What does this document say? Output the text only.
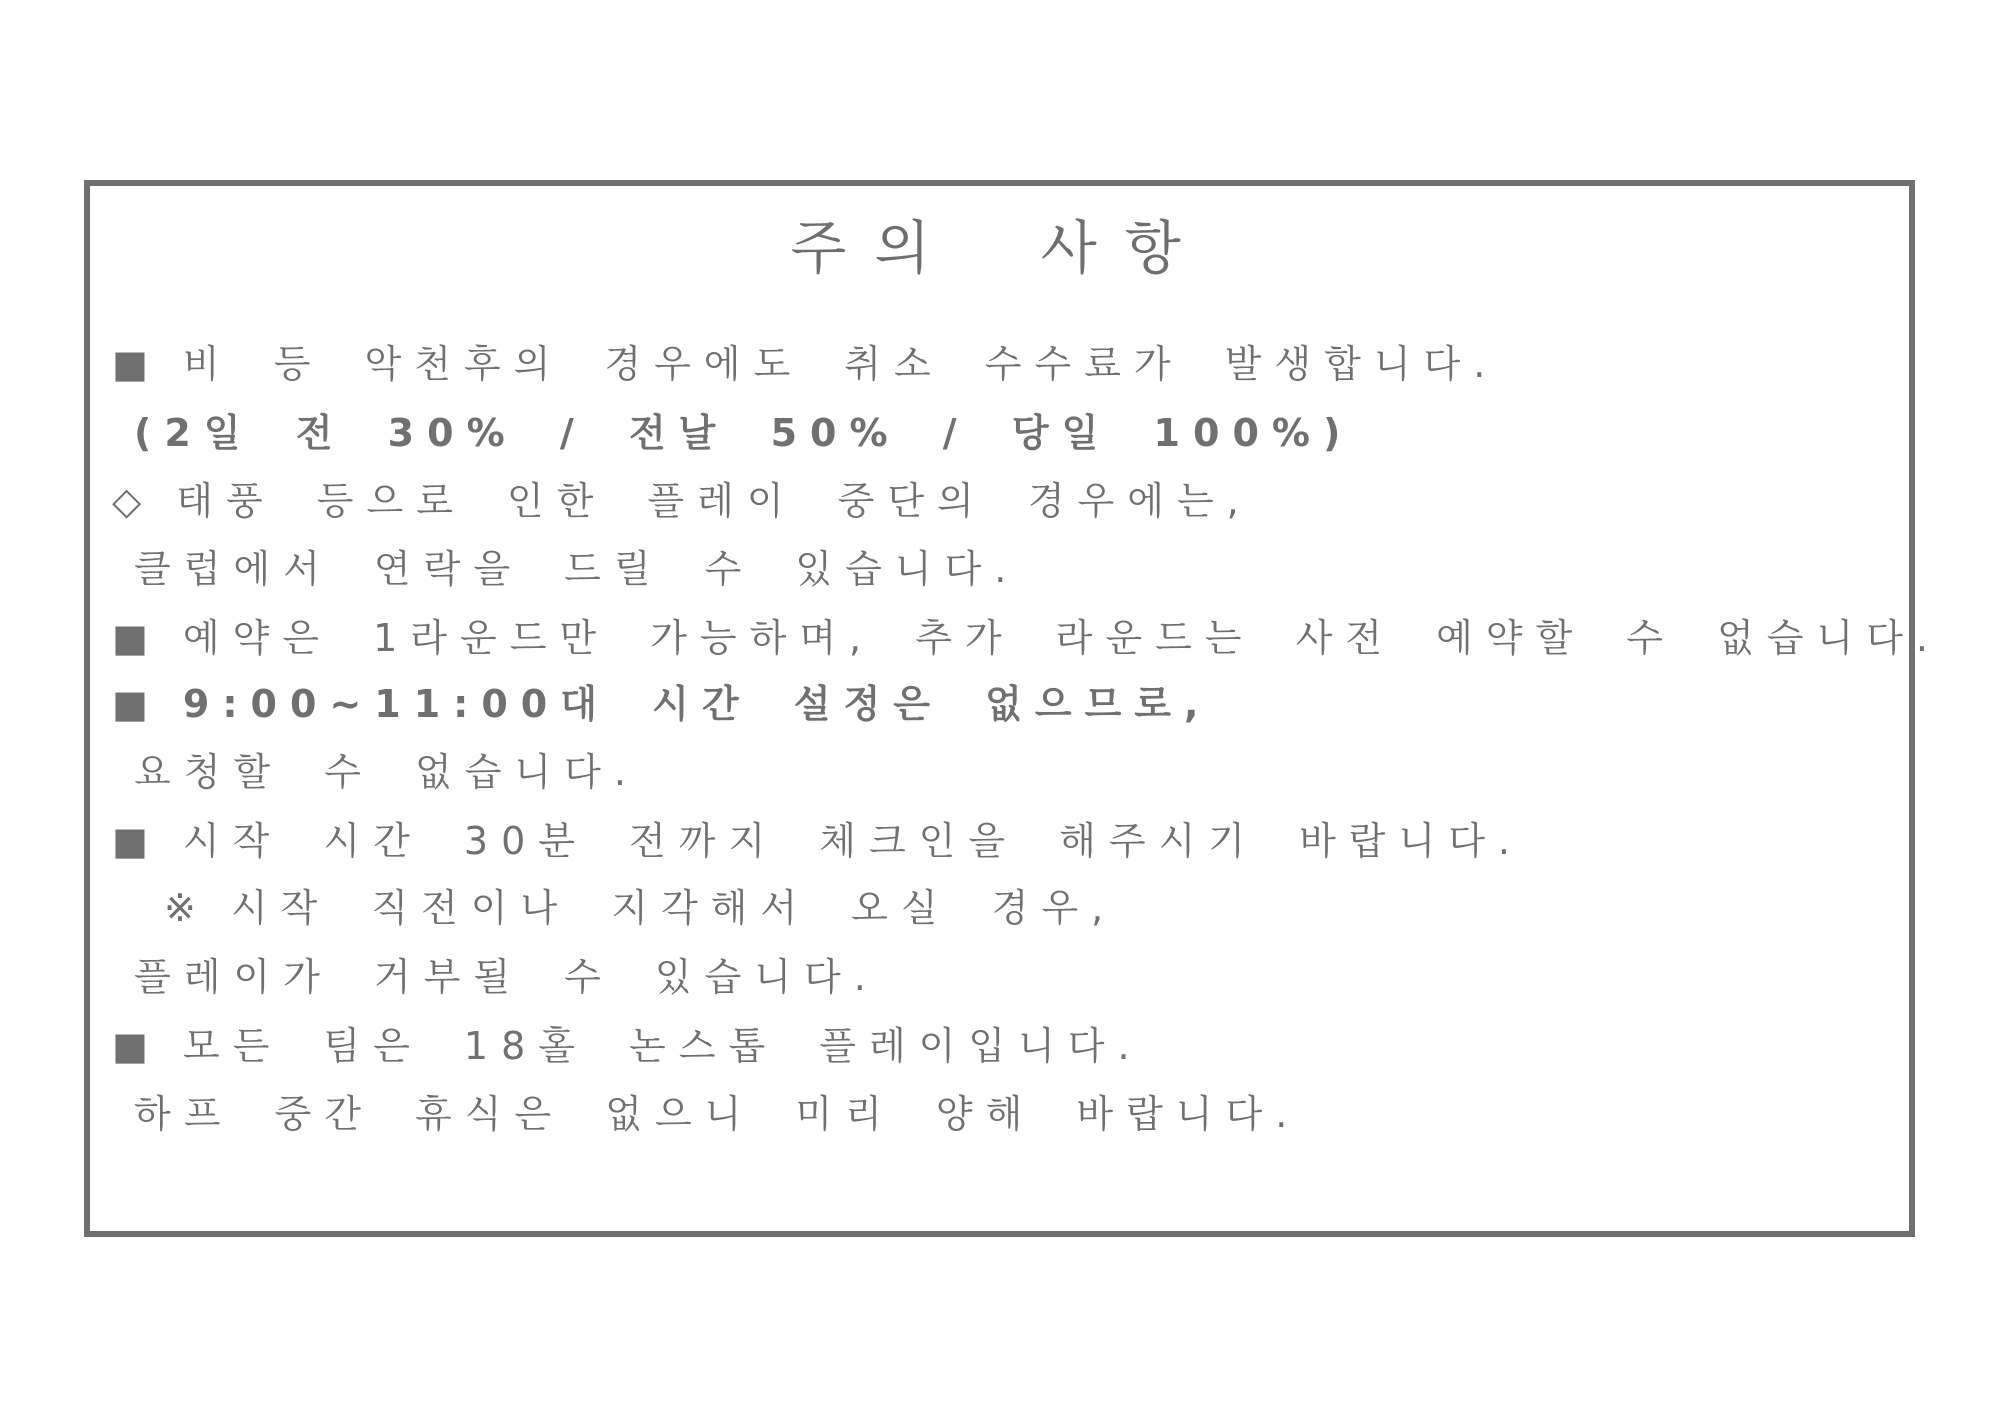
주의 사항
■ 비 등 악천후의 경우에도 취소 수수료가 발생합니다.
(2일 전 30% / 전날 50% / 당일 100%)
◇ 태풍 등으로 인한 플레이 중단의 경우에는,
클럽에서 연락을 드릴 수 있습니다.
■ 예약은 1라운드만 가능하며, 추가 라운드는 사전 예약할 수 없습니다.
■ 9:00~11:00대 시간 설정은 없으므로,
요청할 수 없습니다.
■ 시작 시간 30분 전까지 체크인을 해주시기 바랍니다.
※ 시작 직전이나 지각해서 오실 경우,
플레이가 거부될 수 있습니다.
■ 모든 팀은 18홀 논스톱 플레이입니다.
하프 중간 휴식은 없으니 미리 양해 바랍니다.
